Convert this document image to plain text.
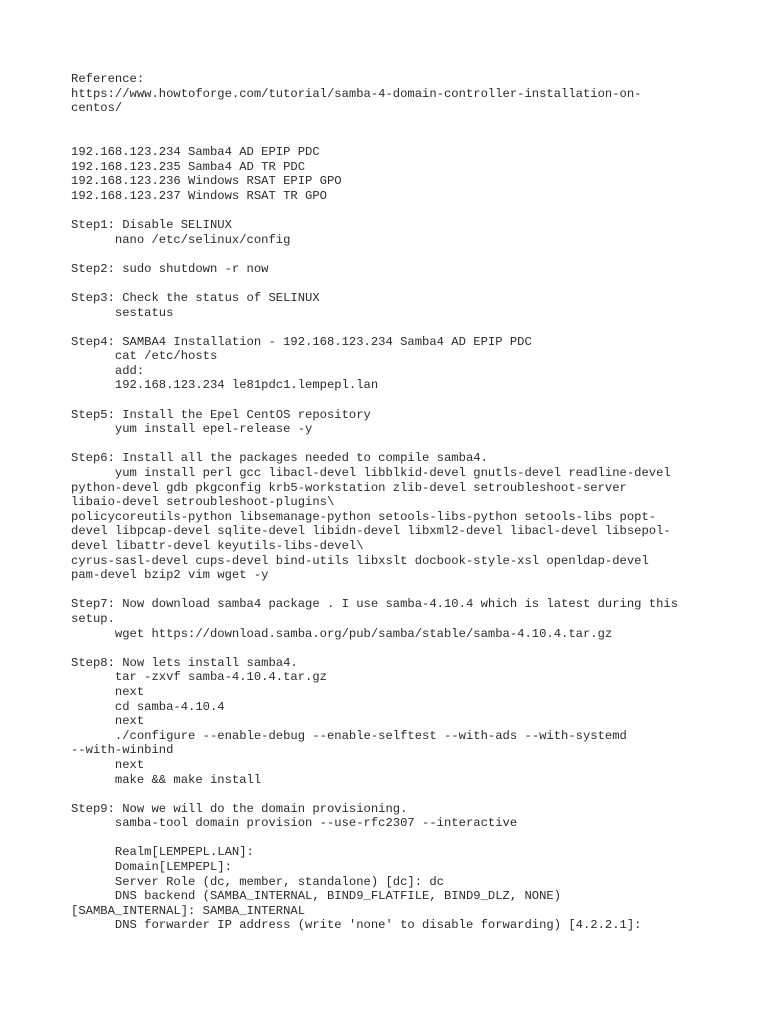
Reference:
https://www.howtoforge.com/tutorial/samba-4-domain-controller-installation-on-
centos/
192.168.123.234 Samba4 AD EPIP PDC
192.168.123.235 Samba4 AD TR PDC
192.168.123.236 Windows RSAT EPIP GPO
192.168.123.237 Windows RSAT TR GPO
Step1: Disable SELINUX
nano /etc/selinux/config
Step2: sudo shutdown -r now
Step3: Check the status of SELINUX
sestatus
Step4: SAMBA4 Installation - 192.168.123.234 Samba4 AD EPIP PDC
cat /etc/hosts
add:
192.168.123.234 le81pdc1.lempepl.lan
Step5: Install the Epel CentOS repository
yum install epel-release -y
Step6: Install all the packages needed to compile samba4.
yum install perl gcc libacl-devel libblkid-devel gnutls-devel readline-devel
python-devel gdb pkgconfig krb5-workstation zlib-devel setroubleshoot-server
libaio-devel setroubleshoot-plugins\
policycoreutils-python libsemanage-python setools-libs-python setools-libs popt-
devel libpcap-devel sqlite-devel libidn-devel libxml2-devel libacl-devel libsepol-
devel libattr-devel keyutils-libs-devel\
cyrus-sasl-devel cups-devel bind-utils libxslt docbook-style-xsl openldap-devel
pam-devel bzip2 vim wget -y
Step7: Now download samba4 package . I use samba-4.10.4 which is latest during this
setup.
wget https://download.samba.org/pub/samba/stable/samba-4.10.4.tar.gz
Step8: Now lets install samba4.
tar -zxvf samba-4.10.4.tar.gz
next
cd samba-4.10.4
next
./configure --enable-debug --enable-selftest --with-ads --with-systemd
--with-winbind
next
make && make install
Step9: Now we will do the domain provisioning.
samba-tool domain provision --use-rfc2307 --interactive
Realm[LEMPEPL.LAN]:
Domain[LEMPEPL]:
Server Role (dc, member, standalone) [dc]: dc
DNS backend (SAMBA_INTERNAL, BIND9_FLATFILE, BIND9_DLZ, NONE)
[SAMBA_INTERNAL]: SAMBA_INTERNAL
DNS forwarder IP address (write 'none' to disable forwarding) [4.2.2.1]:
